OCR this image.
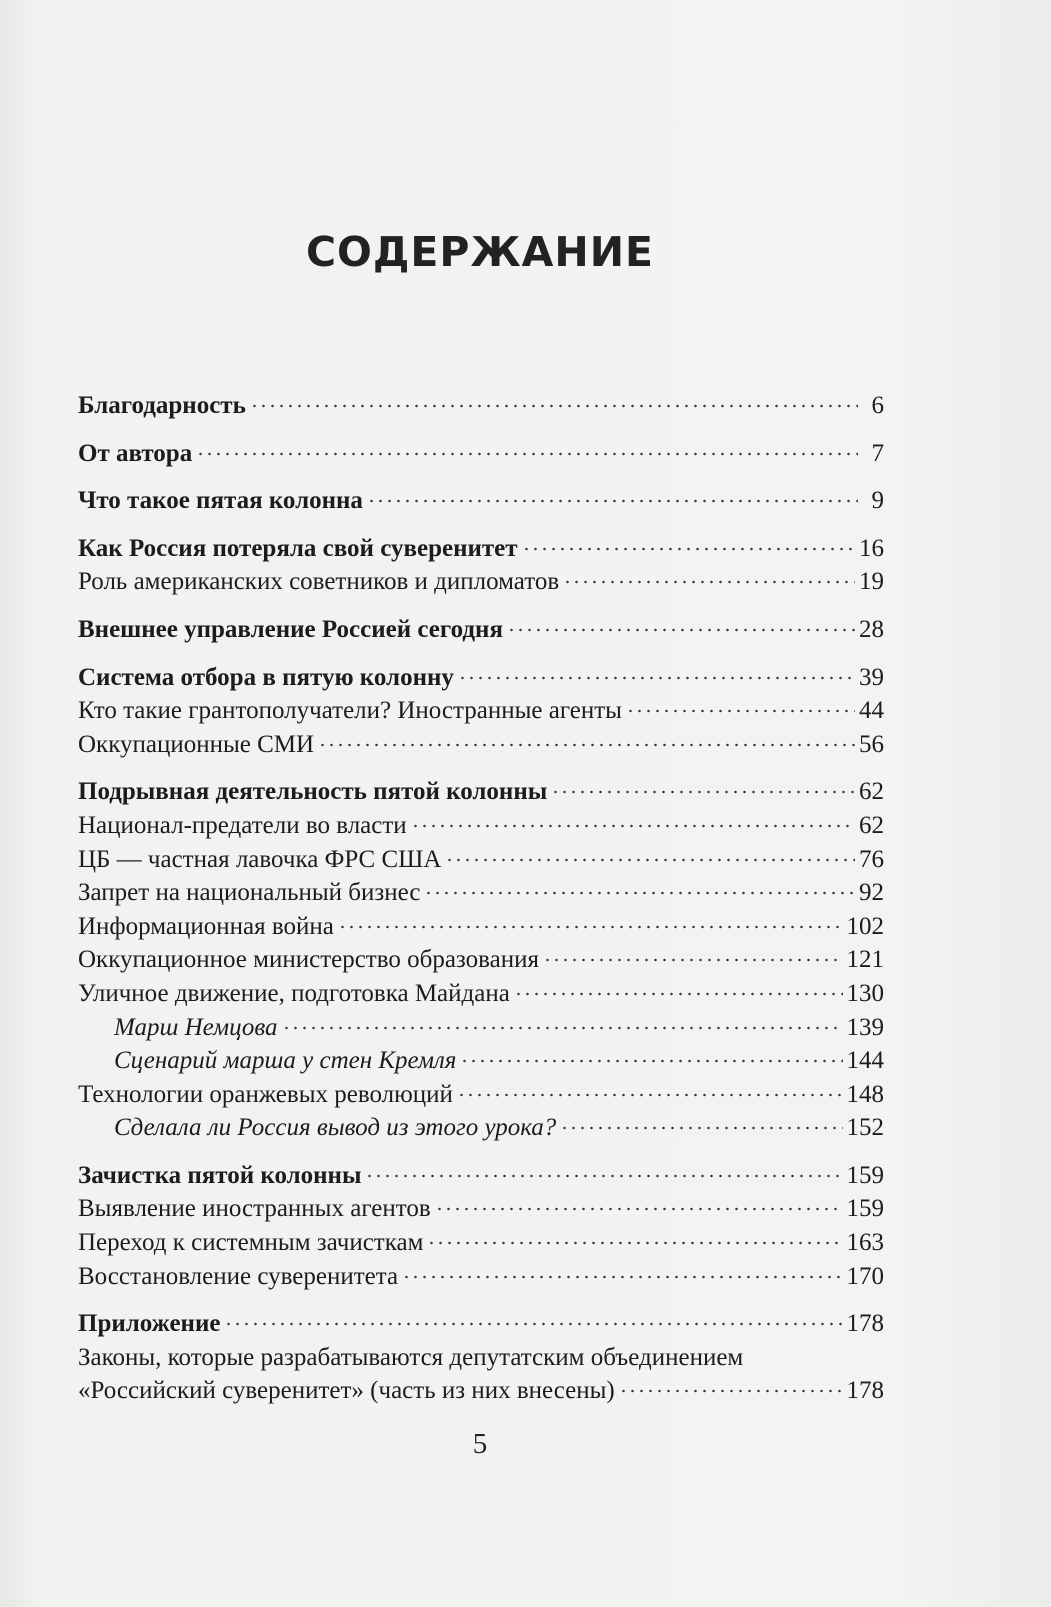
СОДЕРЖАНИЕ
Благодарность	6
От автора	7
Что такое пятая колонна	9
Как Россия потеряла свой суверенитет	16
Роль американских советников и дипломатов	19
Внешнее управление Россией сегодня	28
Система отбора в пятую колонну	39
Кто такие грантополучатели? Иностранные агенты	44
Оккупационные СМИ	56
Подрывная деятельность пятой колонны	62
Национал-предатели во власти	62
ЦБ — частная лавочка ФРС США	76
Запрет на национальный бизнес	92
Информационная война	102
Оккупационное министерство образования	121
Уличное движение, подготовка Майдана	130
Марш Немцова	139
Сценарий марша у стен Кремля	144
Технологии оранжевых революций	148
Сделала ли Россия вывод из этого урока?	152
Зачистка пятой колонны	159
Выявление иностранных агентов	159
Переход к системным зачисткам	163
Восстановление суверенитета	170
Приложение	178
Законы, которые разрабатываются депутатским объединением
«Российский суверенитет» (часть из них внесены)	178
5
